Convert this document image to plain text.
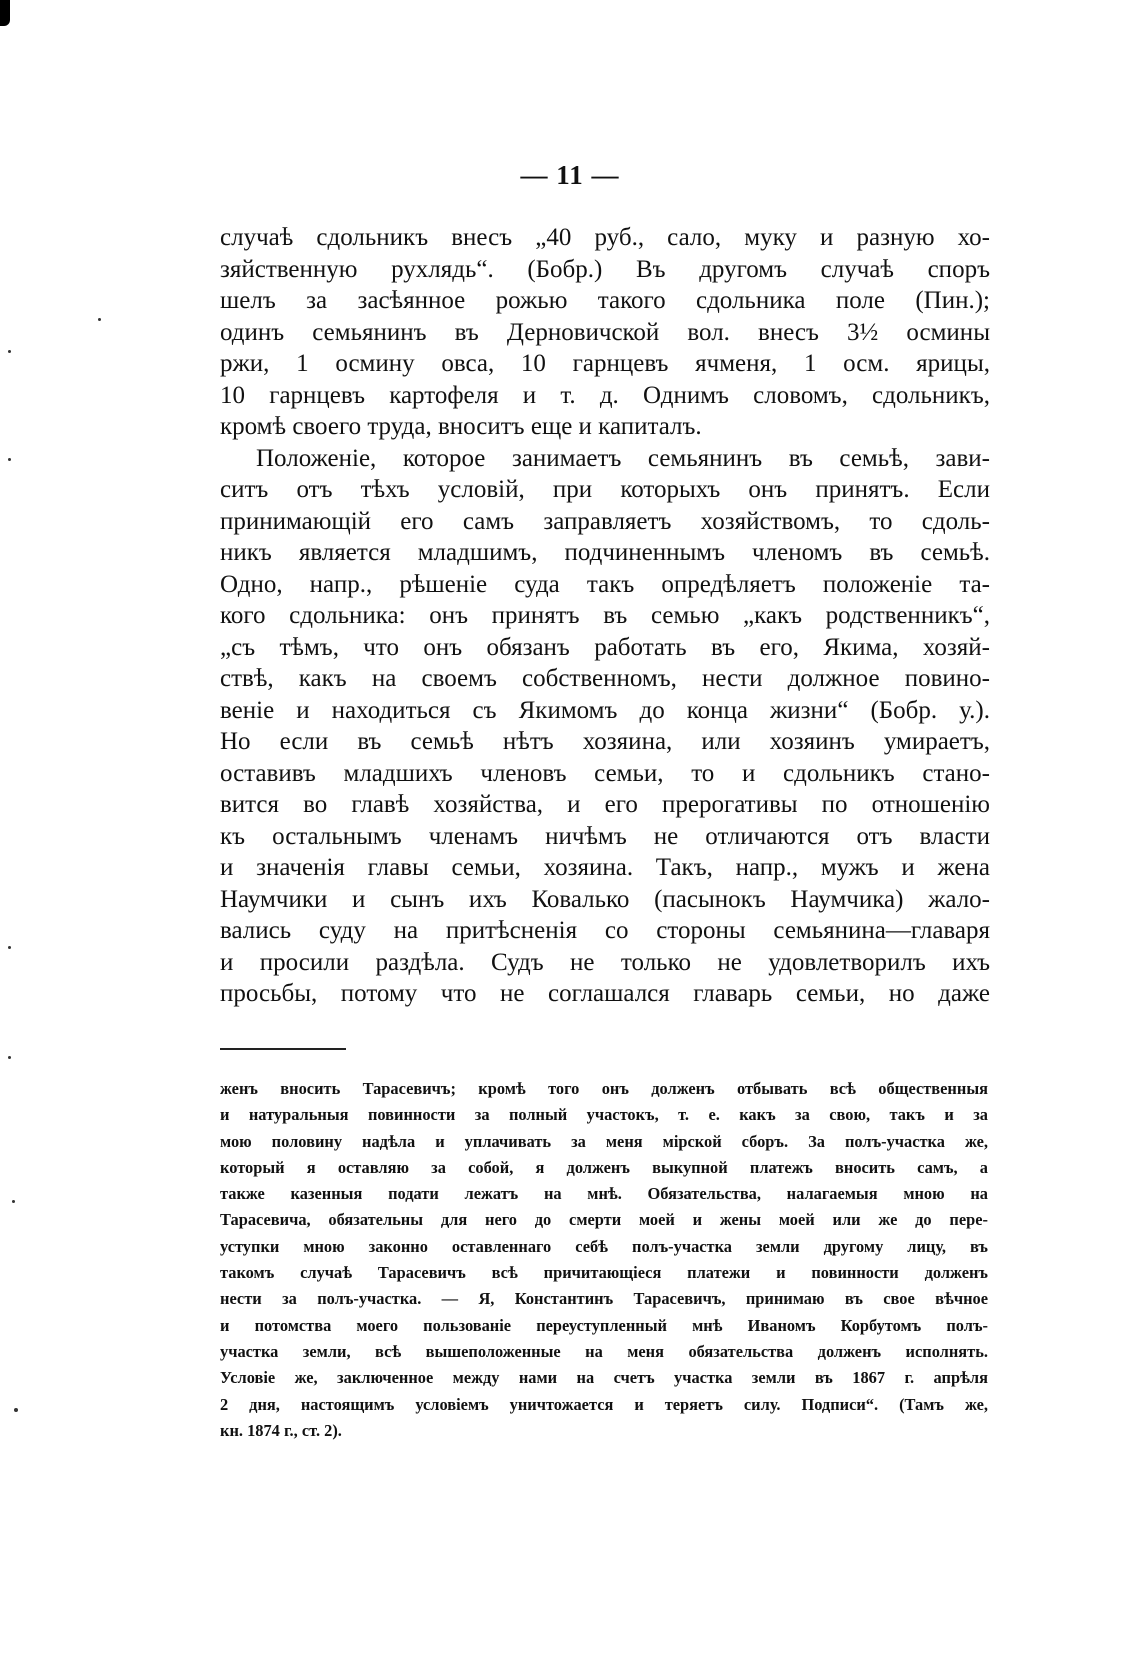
— 11 —
случаѣ сдольникъ внесъ „40 руб., сало, муку и разную хо-
зяйственную рухлядь“. (Бобр.) Въ другомъ случаѣ споръ
шелъ за засѣянное рожью такого сдольника поле (Пин.);
одинъ семьянинъ въ Дерновичской вол. внесъ 3½ осмины
ржи, 1 осмину овса, 10 гарнцевъ ячменя, 1 осм. ярицы,
10 гарнцевъ картофеля и т. д. Однимъ словомъ, сдольникъ,
кромѣ своего труда, вноситъ еще и капиталъ.
Положеніе, которое занимаетъ семьянинъ въ семьѣ, зави-
ситъ отъ тѣхъ условій, при которыхъ онъ принятъ. Если
принимающій его самъ заправляетъ хозяйствомъ, то сдоль-
никъ является младшимъ, подчиненнымъ членомъ въ семьѣ.
Одно, напр., рѣшеніе суда такъ опредѣляетъ положеніе та-
кого сдольника: онъ принятъ въ семью „какъ родственникъ“,
„съ тѣмъ, что онъ обязанъ работать въ его, Якима, хозяй-
ствѣ, какъ на своемъ собственномъ, нести должное повино-
веніе и находиться съ Якимомъ до конца жизни“ (Бобр. у.).
Но если въ семьѣ нѣтъ хозяина, или хозяинъ умираетъ,
оставивъ младшихъ членовъ семьи, то и сдольникъ стано-
вится во главѣ хозяйства, и его прерогативы по отношенію
къ остальнымъ членамъ ничѣмъ не отличаются отъ власти
и значенія главы семьи, хозяина. Такъ, напр., мужъ и жена
Наумчики и сынъ ихъ Ковалько (пасынокъ Наумчика) жало-
вались суду на притѣсненія со стороны семьянина—главаря
и просили раздѣла. Судъ не только не удовлетворилъ ихъ
просьбы, потому что не соглашался главарь семьи, но даже
женъ вносить Тарасевичъ; кромѣ того онъ долженъ отбывать всѣ общественныя
и натуральныя повинности за полный участокъ, т. е. какъ за свою, такъ и за
мою половину надѣла и уплачивать за меня мірской сборъ. За полъ-участка же,
который я оставляю за собой, я долженъ выкупной платежъ вносить самъ, а
также казенныя подати лежатъ на мнѣ. Обязательства, налагаемыя мною на
Тарасевича, обязательны для него до смерти моей и жены моей или же до пере-
уступки мною законно оставленнаго себѣ полъ-участка земли другому лицу, въ
такомъ случаѣ Тарасевичъ всѣ причитающіеся платежи и повинности долженъ
нести за полъ-участка. — Я, Константинъ Тарасевичъ, принимаю въ свое вѣчное
и потомства моего пользованіе переуступленный мнѣ Иваномъ Корбутомъ полъ-
участка земли, всѣ вышеположенные на меня обязательства долженъ исполнять.
Условіе же, заключенное между нами на счетъ участка земли въ 1867 г. апрѣля
2 дня, настоящимъ условіемъ уничтожается и теряетъ силу. Подписи“. (Тамъ же,
кн. 1874 г., ст. 2).
